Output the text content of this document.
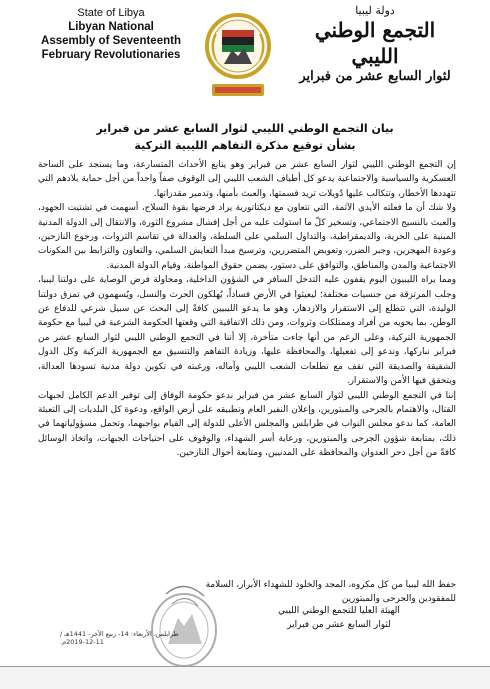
State of Libya
Libyan National
Assembly of Seventeenth
February Revolutionaries
دولة ليبيا
التجمع الوطني الليبي
لثوار السابع عشر من فبراير
بيان التجمع الوطني الليبي لثوار السابع عشر من فبراير
بشأن توقيع مذكرة التفاهم الليبية التركية

إن التجمع الوطني الليبي لثوار السابع عشر من فبراير وهو يتابع الأحداث المتسارعة، وما يستجد على الساحة العسكرية والسياسية والاجتماعية يدعو كل أطياف الشعب الليبي إلى الوقوف صفاً واحداً من أجل حماية بلادهم التي تتهددها الأخطار، وتتكالب عليها دُويلات تريد قسمتها، والعبث بأمنها، وتدمير مقدراتها.

ولا شك أن ما فعلته الأيدي الآثمة، التي تتعاون مع ديكتاتورية يراد فرضها بقوة السلاح، أسهمت في تشتيت الجهود، والعبث بالنسيج الاجتماعي، وتسخير كلّ ما استولت عليه من أجل إفشال مشروع الثورة، والانتقال إلى الدولة المدنية المبنية على الحرية، والديمقراطية، والتداول السلمي على السلطة، والعدالة في تقاسم الثروات، ورجوع النازحين، وعودة المهجرين، وجبر الضرر، وتعويض المتضررين، وترسيخ مبدأ التعايش السلمي، والتعاون والترابط بين المكونات الاجتماعية والمدن والمناطق، والتوافق على دستور، يضمن حقوق المواطنة، وقيام الدولة المدنية.

ومما يراه الليبيون اليوم يقفون عليه التدخل السافر في الشؤون الداخلية، ومحاولة فرض الوصاية على دولتنا ليبيا، وجلب المرتزقة من جنسيات مختلفة؛ ليعيثوا في الأرض فساداً، يُهلكون الحرث والنسل، ويُسهمون في تمزق دولتنا الوليدة، التي تتطلع إلى الاستقرار والازدهار، وهو ما يدعو الليبيين كافةً إلى البحث عن سبيل شرعي للدفاع عن الوطن، بما يحويه من أفراد وممتلكات وثروات، ومن ذلك الاتفاقية التي وقعتها الحكومة الشرعية في ليبيا مع حكومة الجمهورية التركية، وعلى الرغم من أنها جاءت متأخرة، إلا أننا في التجمع الوطني الليبي لثوار السابع عشر من فبراير نباركها، وندعو إلى تفعيلها، والمحافظة عليها، وزيادة التفاهم والتنسيق مع الجمهورية التركية وكل الدول الشقيقة والصديقة التي تقف مع تطلعات الشعب الليبي وآماله، ورغبته في تكوين دولة مدنية تسودها العدالة، ويتحقق فيها الأمن والاستقرار.

إننا في التجمع الوطني الليبي لثوار السابع عشر من فبراير ندعو حكومة الوفاق إلى توفير الدعم الكامل لجبهات القتال، والاهتمام بالجرحى والمبتورين، وإعلان النفير العام وتطبيقه على أرض الواقع، ودعوة كل البلديات إلى التعبئة العامة، كما ندعو مجلس النواب في طرابلس والمجلس الأعلى للدولة إلى القيام بواجبهما، وتحمل مسؤولياتهما في ذلك، بمتابعة شؤون الجرحى والمبتورين، ورعاية أسر الشهداء، والوقوف على احتياجات الجبهات، واتخاذ الوسائل كافةً من أجل دحر العدوان والمحافظة على المدنيين، ومتابعة أحوال النازحين.

حفظ الله ليبيا من كل مكروه، المجد والخلود للشهداء الأبرار، السلامة للمفقودين والجرحى والمبتورين
الهيئة العليا للتجمع الوطني الليبي
لثوار السابع عشر من فبراير
طرابلس، الأربعاء: 14- ربيع الآخر- 1441هـ / 11-12-2019م.
